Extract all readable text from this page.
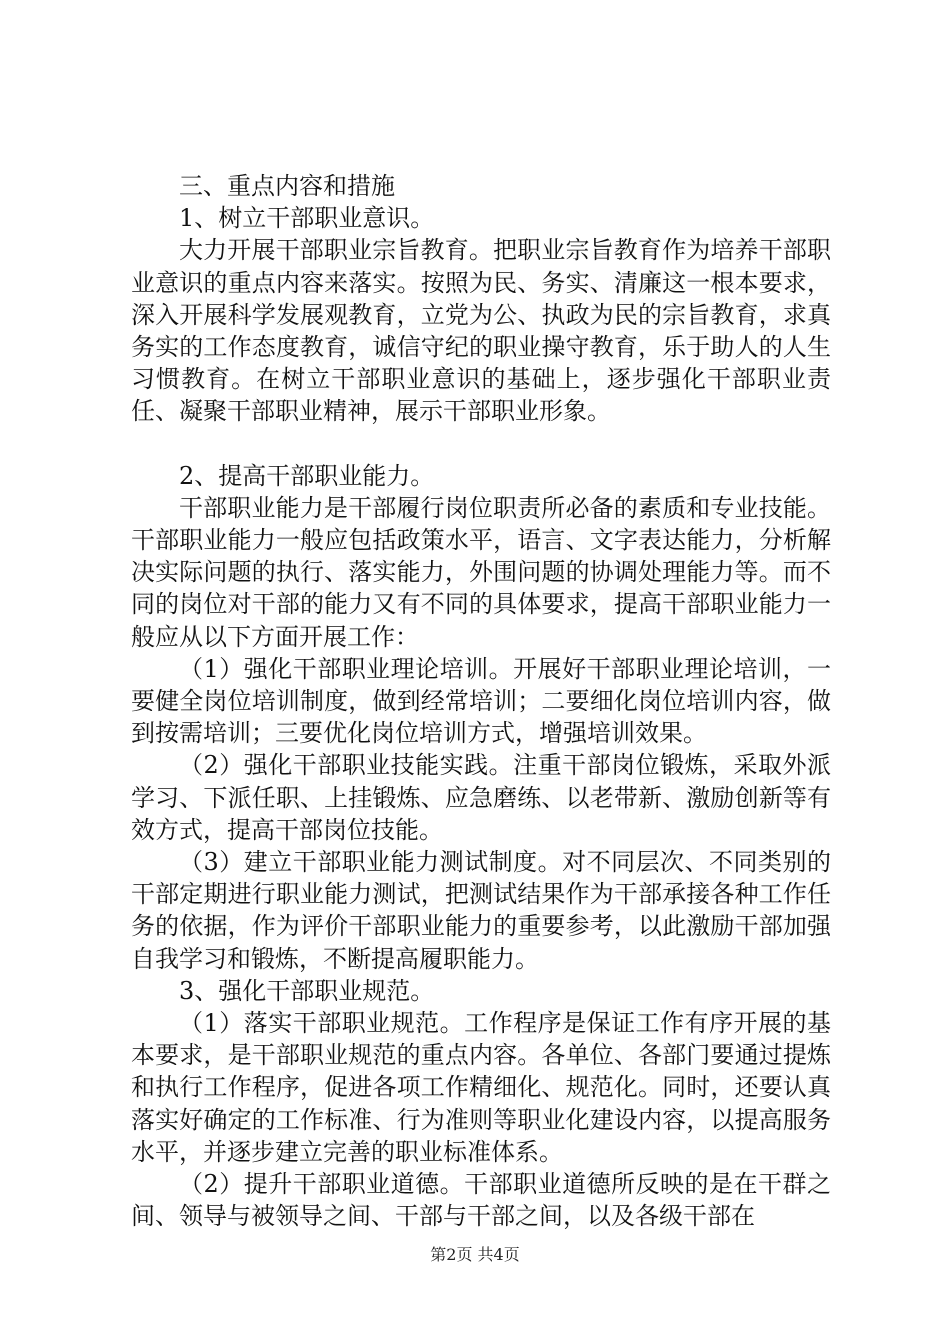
三、重点内容和措施

1、树立干部职业意识。

大力开展干部职业宗旨教育。把职业宗旨教育作为培养干部职业意识的重点内容来落实。按照为民、务实、清廉这一根本要求，深入开展科学发展观教育，立党为公、执政为民的宗旨教育，求真务实的工作态度教育，诚信守纪的职业操守教育，乐于助人的人生习惯教育。在树立干部职业意识的基础上，逐步强化干部职业责任、凝聚干部职业精神，展示干部职业形象。

2、提高干部职业能力。

干部职业能力是干部履行岗位职责所必备的素质和专业技能。干部职业能力一般应包括政策水平，语言、文字表达能力，分析解决实际问题的执行、落实能力，外围问题的协调处理能力等。而不同的岗位对干部的能力又有不同的具体要求，提高干部职业能力一般应从以下方面开展工作：

（1）强化干部职业理论培训。开展好干部职业理论培训，一要健全岗位培训制度，做到经常培训；二要细化岗位培训内容，做到按需培训；三要优化岗位培训方式，增强培训效果。

（2）强化干部职业技能实践。注重干部岗位锻炼，采取外派学习、下派任职、上挂锻炼、应急磨练、以老带新、激励创新等有效方式，提高干部岗位技能。

（3）建立干部职业能力测试制度。对不同层次、不同类别的干部定期进行职业能力测试，把测试结果作为干部承接各种工作任务的依据，作为评价干部职业能力的重要参考，以此激励干部加强自我学习和锻炼，不断提高履职能力。

3、强化干部职业规范。

（1）落实干部职业规范。工作程序是保证工作有序开展的基本要求，是干部职业规范的重点内容。各单位、各部门要通过提炼和执行工作程序，促进各项工作精细化、规范化。同时，还要认真落实好确定的工作标准、行为准则等职业化建设内容，以提高服务水平，并逐步建立完善的职业标准体系。

（2）提升干部职业道德。干部职业道德所反映的是在干群之间、领导与被领导之间、干部与干部之间，以及各级干部在

第2页 共4页
